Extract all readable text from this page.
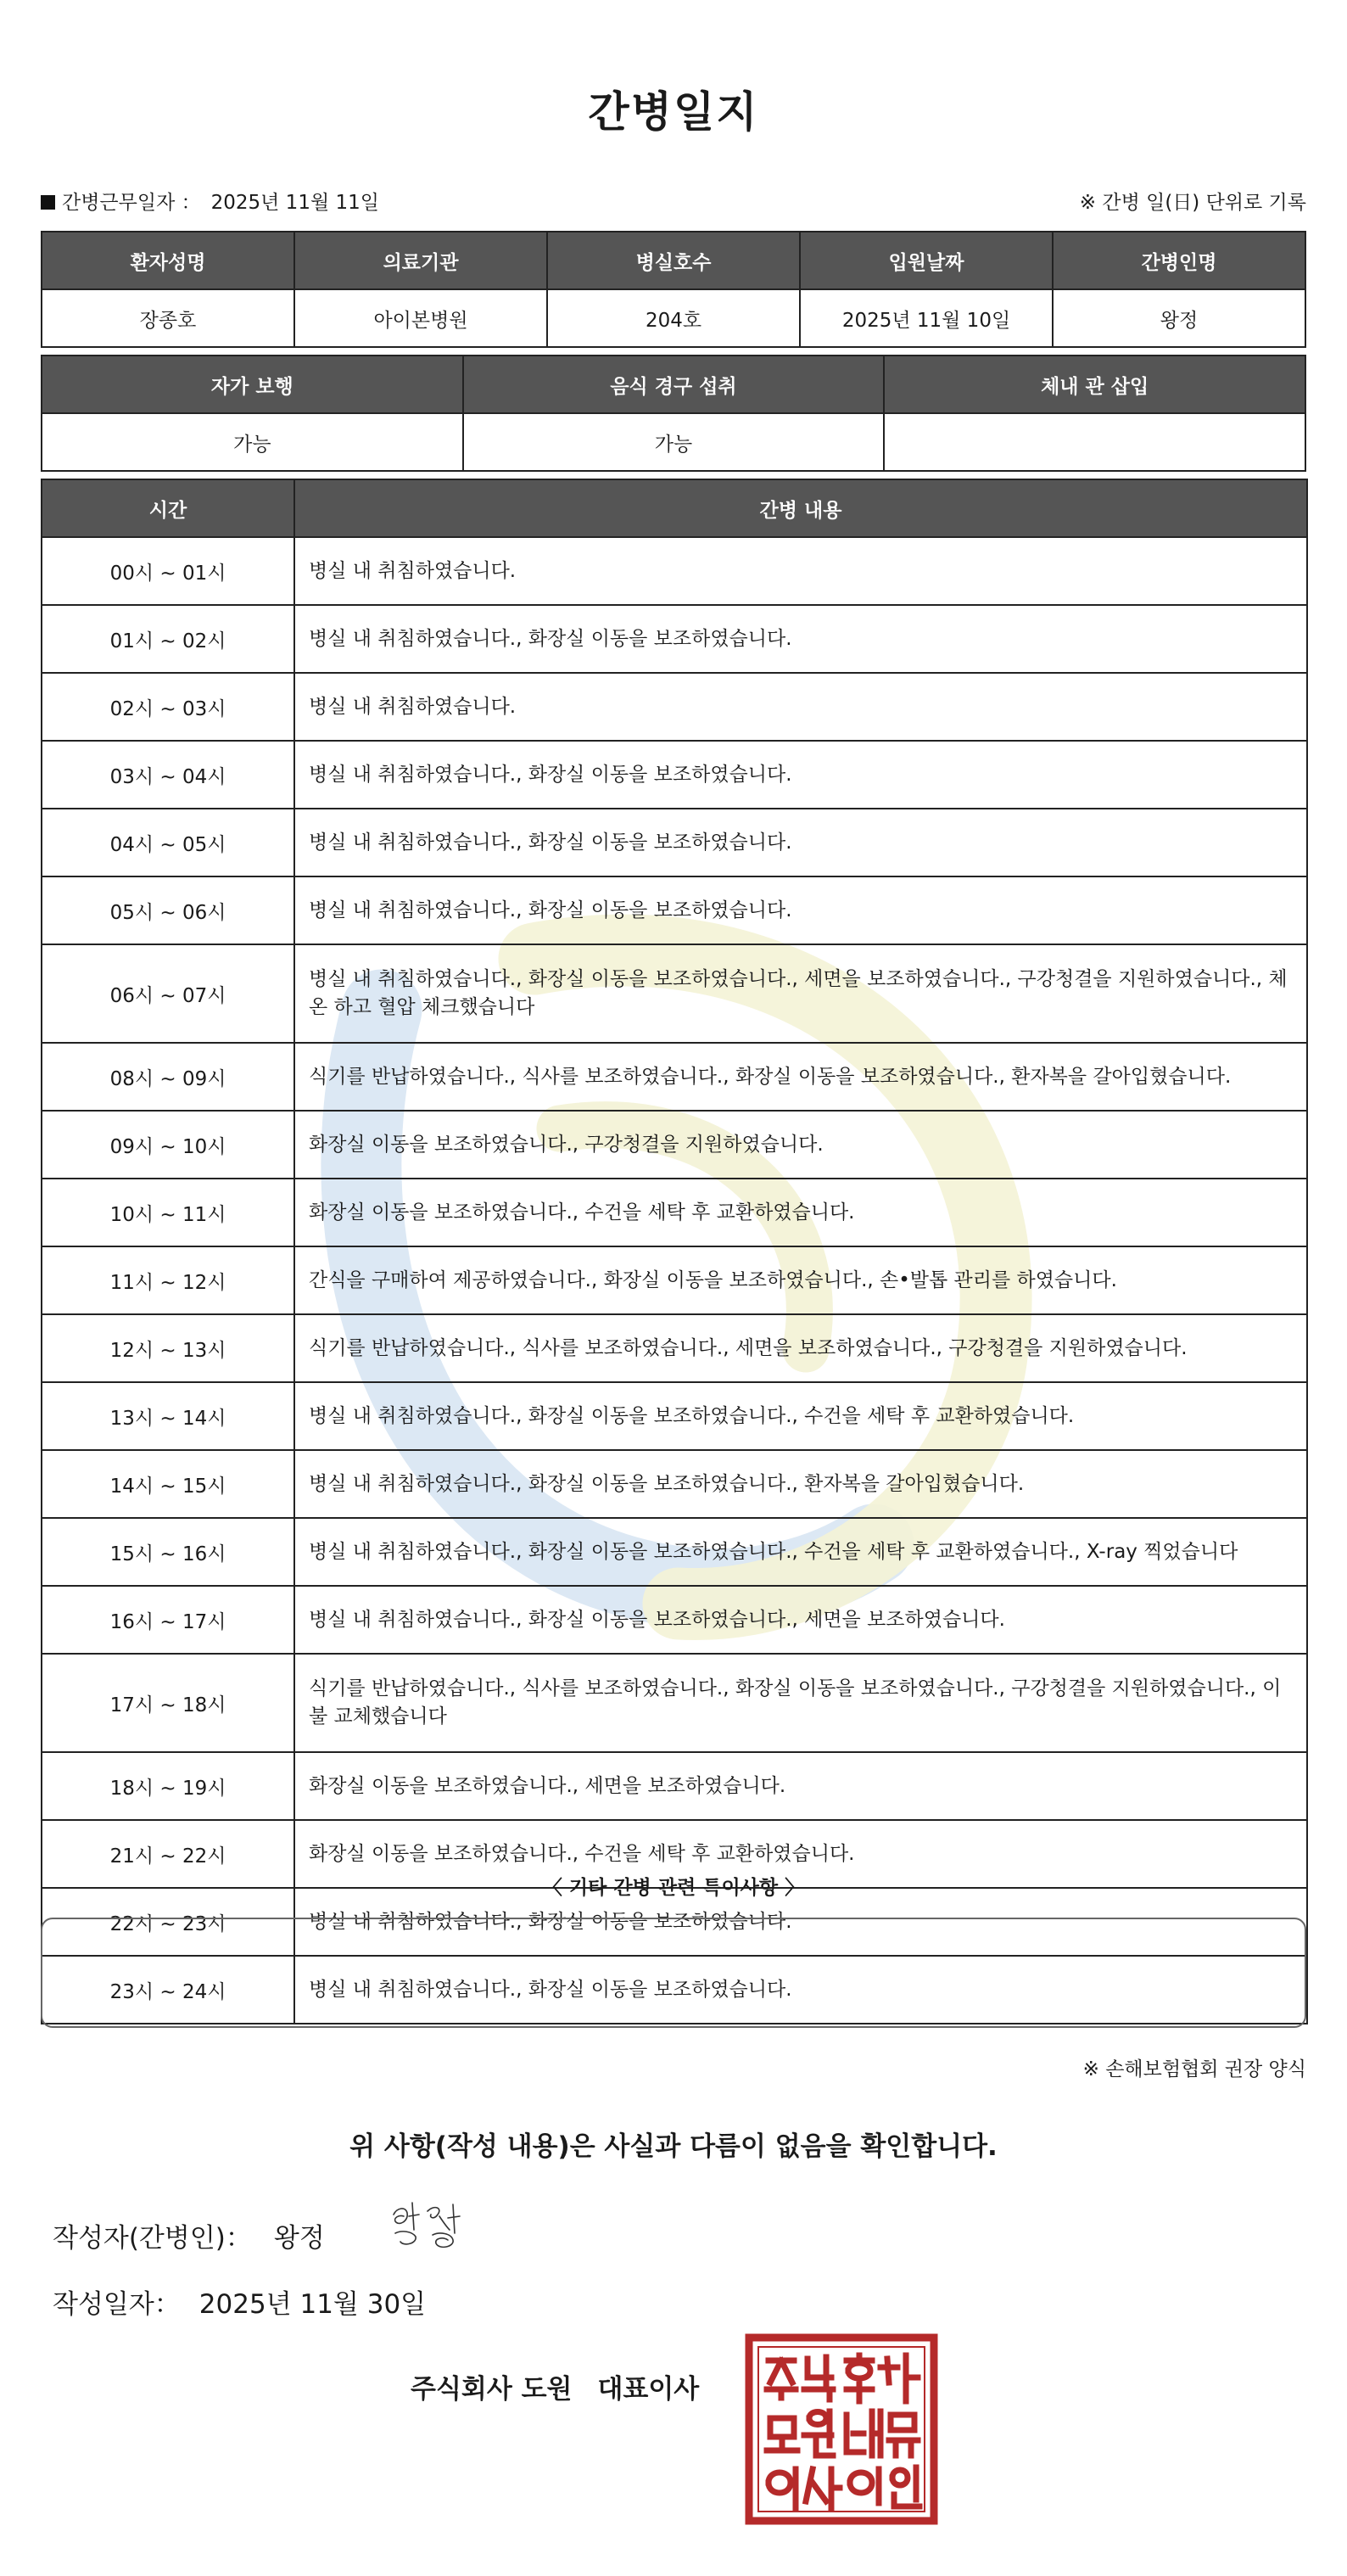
간병일지
간병근무일자 ： 2025년 11월 11일	※ 간병 일(日) 단위로 기록
환자성명	의료기관	병실호수	입원날짜	간병인명
장종호	아이본병원	204호	2025년 11월 10일	왕정
자가 보행	음식 경구 섭취	체내 관 삽입
가능	가능	
시간	간병 내용
00시 ~ 01시	병실 내 취침하였습니다.
01시 ~ 02시	병실 내 취침하였습니다., 화장실 이동을 보조하였습니다.
02시 ~ 03시	병실 내 취침하였습니다.
03시 ~ 04시	병실 내 취침하였습니다., 화장실 이동을 보조하였습니다.
04시 ~ 05시	병실 내 취침하였습니다., 화장실 이동을 보조하였습니다.
05시 ~ 06시	병실 내 취침하였습니다., 화장실 이동을 보조하였습니다.
06시 ~ 07시	병실 내 취침하였습니다., 화장실 이동을 보조하였습니다., 세면을 보조하였습니다., 구강청결을 지원하였습니다., 체온 하고 혈압 체크했습니다
08시 ~ 09시	식기를 반납하였습니다., 식사를 보조하였습니다., 화장실 이동을 보조하였습니다., 환자복을 갈아입혔습니다.
09시 ~ 10시	화장실 이동을 보조하였습니다., 구강청결을 지원하였습니다.
10시 ~ 11시	화장실 이동을 보조하였습니다., 수건을 세탁 후 교환하였습니다.
11시 ~ 12시	간식을 구매하여 제공하였습니다., 화장실 이동을 보조하였습니다., 손•발톱 관리를 하였습니다.
12시 ~ 13시	식기를 반납하였습니다., 식사를 보조하였습니다., 세면을 보조하였습니다., 구강청결을 지원하였습니다.
13시 ~ 14시	병실 내 취침하였습니다., 화장실 이동을 보조하였습니다., 수건을 세탁 후 교환하였습니다.
14시 ~ 15시	병실 내 취침하였습니다., 화장실 이동을 보조하였습니다., 환자복을 갈아입혔습니다.
15시 ~ 16시	병실 내 취침하였습니다., 화장실 이동을 보조하였습니다., 수건을 세탁 후 교환하였습니다., X-ray 찍었습니다
16시 ~ 17시	병실 내 취침하였습니다., 화장실 이동을 보조하였습니다., 세면을 보조하였습니다.
17시 ~ 18시	식기를 반납하였습니다., 식사를 보조하였습니다., 화장실 이동을 보조하였습니다., 구강청결을 지원하였습니다., 이불 교체했습니다
18시 ~ 19시	화장실 이동을 보조하였습니다., 세면을 보조하였습니다.
21시 ~ 22시	화장실 이동을 보조하였습니다., 수건을 세탁 후 교환하였습니다.
22시 ~ 23시	병실 내 취침하였습니다., 화장실 이동을 보조하였습니다.
23시 ~ 24시	병실 내 취침하였습니다., 화장실 이동을 보조하였습니다.
〈 기타 간병 관련 특이사항 〉
※ 손해보험협회 권장 양식
위 사항(작성 내용)은 사실과 다름이 없음을 확인합니다.
작성자(간병인)： 왕정
작성일자： 2025년 11월 30일
주식회사 도원 대표이사
